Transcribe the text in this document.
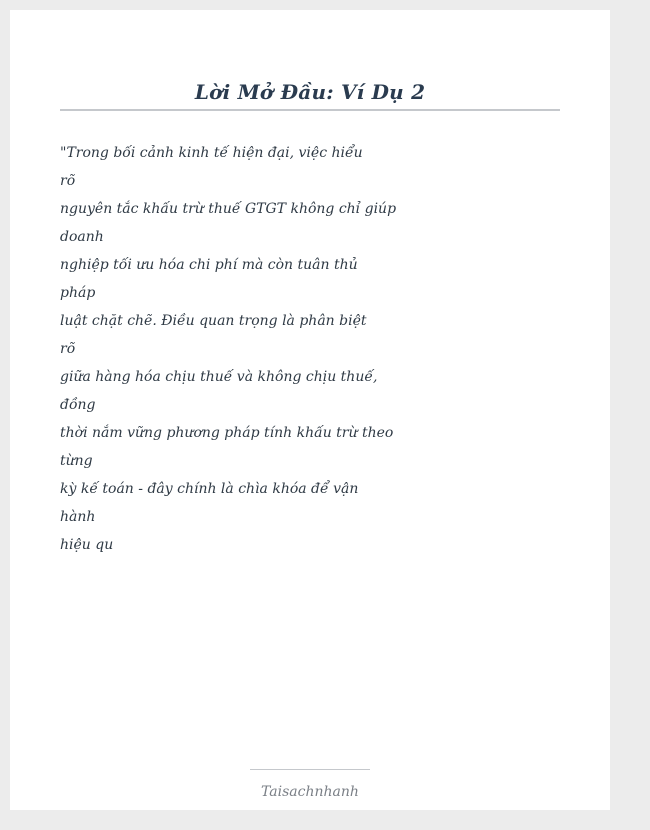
Lời Mở Đầu: Ví Dụ 2
"Trong bối cảnh kinh tế hiện đại, việc hiểu
rõ
nguyên tắc khấu trừ thuế GTGT không chỉ giúp
doanh
nghiệp tối ưu hóa chi phí mà còn tuân thủ
pháp
luật chặt chẽ. Điều quan trọng là phân biệt
rõ
giữa hàng hóa chịu thuế và không chịu thuế,
đồng
thời nắm vững phương pháp tính khấu trừ theo
từng
kỳ kế toán - đây chính là chìa khóa để vận
hành
hiệu qu
Taisachnhanh
